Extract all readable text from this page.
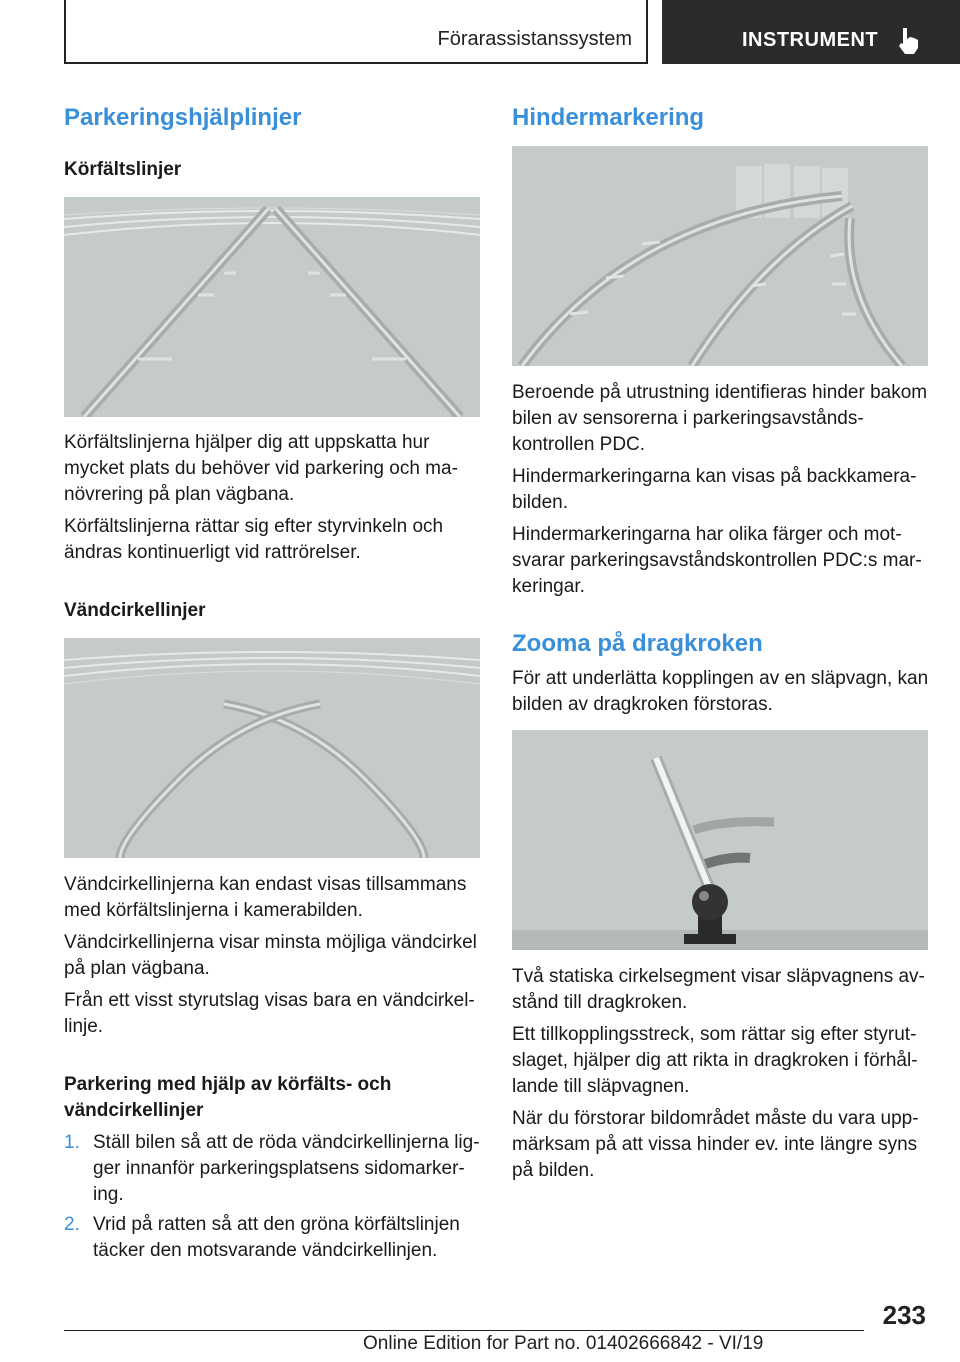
Förarassistanssystem	INSTRUMENT
Parkeringshjälplinjer
Körfältslinjer

Körfältslinjerna hjälper dig att uppskatta hur mycket plats du behöver vid parkering och ma-növrering på plan vägbana.

Körfältslinjerna rättar sig efter styrvinkeln och ändras kontinuerligt vid rattrörelser.

Vändcirkellinjer

Vändcirkellinjerna kan endast visas tillsammans med körfältslinjerna i kamerabilden.

Vändcirkellinjerna visar minsta möjliga vändcirkel på plan vägbana.

Från ett visst styrutslag visas bara en vändcirkel-linje.

Parkering med hjälp av körfälts- och vändcirkellinjer
1. Ställ bilen så att de röda vändcirkellinjerna lig-ger innanför parkeringsplatsens sidomarker-ing.
2. Vrid på ratten så att den gröna körfältslinjen täcker den motsvarande vändcirkellinjen.
Hindermarkering

Beroende på utrustning identifieras hinder bakom bilen av sensorerna i parkeringsavstånds-kontrollen PDC.

Hindermarkeringarna kan visas på backkamera-bilden.

Hindermarkeringarna har olika färger och mot-svarar parkeringsavståndskontrollen PDC:s mar-keringar.

Zooma på dragkroken

För att underlätta kopplingen av en släpvagn, kan bilden av dragkroken förstoras.

Två statiska cirkelsegment visar släpvagnens av-stånd till dragkroken.

Ett tillkopplingsstreck, som rättar sig efter styrut-slaget, hjälper dig att rikta in dragkroken i förhål-lande till släpvagnen.

När du förstorar bildområdet måste du vara upp-märksam på att vissa hinder ev. inte längre syns på bilden.

233
Online Edition for Part no. 01402666842 - VI/19
